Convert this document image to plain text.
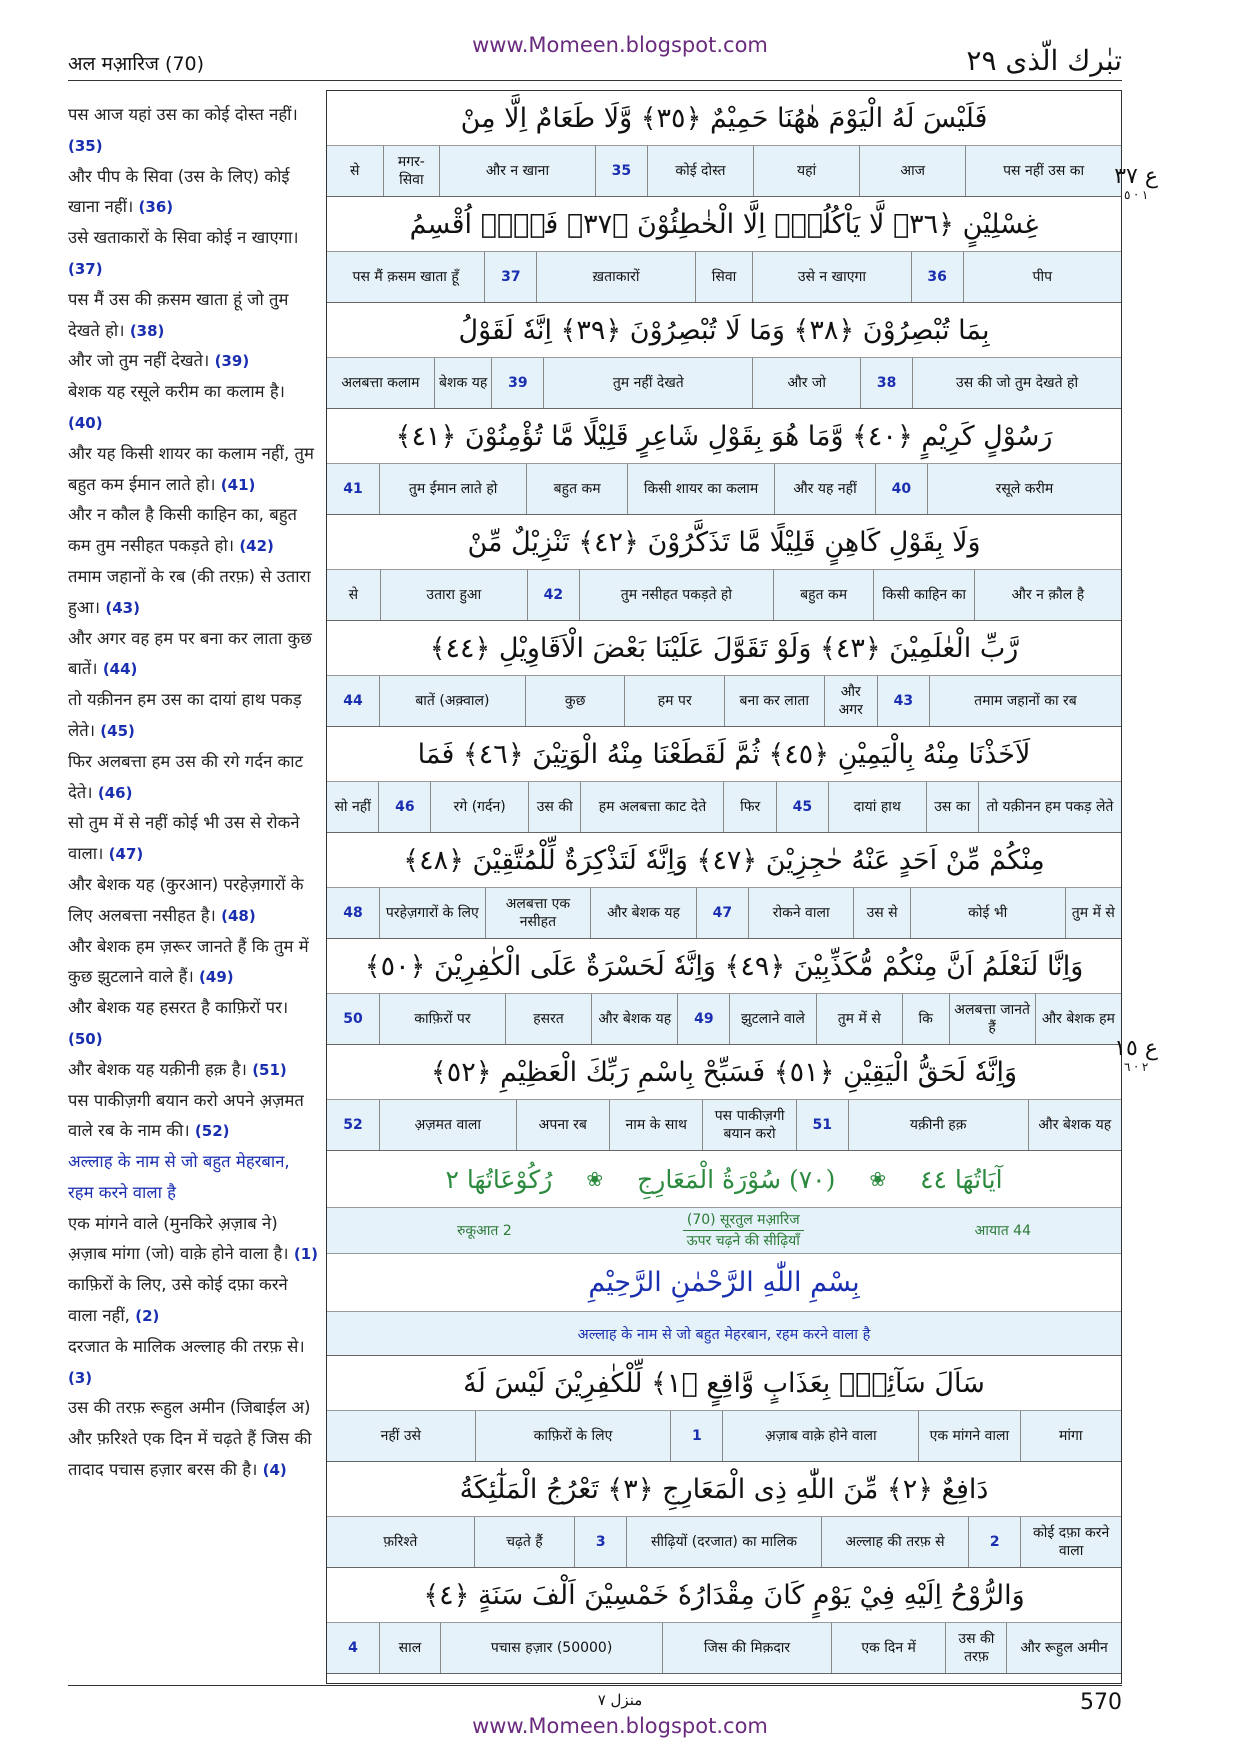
www.Momeen.blogspot.com
अल मआ़रिज (70)	تبٰرك الّذى ٢٩

पस आज यहां उस का कोई दोस्त नहीं। (35)

और पीप के सिवा (उस के लिए) कोई खाना नहीं। (36)

उसे खताकारों के सिवा कोई न खाएगा। (37)

पस मैं उस की क़सम खाता हूं जो तुम देखते हो। (38)

और जो तुम नहीं देखते। (39)

बेशक यह रसूले करीम का कलाम है। (40)

और यह किसी शायर का कलाम नहीं, तुम बहुत कम ईमान लाते हो। (41)

और न कौल है किसी काहिन का, बहुत कम तुम नसीहत पकड़ते हो। (42)

तमाम जहानों के रब (की तरफ़) से उतारा हुआ। (43)

और अगर वह हम पर बना कर लाता कुछ बातें। (44)

तो यक़ीनन हम उस का दायां हाथ पकड़ लेते। (45)

फिर अलबत्ता हम उस की रगे गर्दन काट देते। (46)

सो तुम में से नहीं कोई भी उस से रोकने वाला। (47)

और बेशक यह (कुरआन) परहेज़गारों के लिए अलबत्ता नसीहत है। (48)

और बेशक हम ज़रूर जानते हैं कि तुम में कुछ झुटलाने वाले हैं। (49)

और बेशक यह हसरत है काफ़िरों पर। (50)

और बेशक यह यक़ीनी हक़ है। (51)

पस पाकीज़गी बयान करो अपने अ़ज़मत वाले रब के नाम की। (52)

अल्लाह के नाम से जो बहुत मेहरबान, रहम करने वाला है

एक मांगने वाले (मुनकिरे अ़ज़ाब ने) अ़ज़ाब मांगा (जो) वाक़े होने वाला है। (1)

काफ़िरों के लिए, उसे कोई दफ़ा करने वाला नहीं, (2)

दरजात के मालिक अल्लाह की तरफ़ से। (3)

उस की तरफ़ रूहुल अमीन (जिबाईल अ) और फ़रिश्ते एक दिन में चढ़ते हैं जिस की तादाद पचास हज़ार बरस की है। (4)

فَلَيْسَ لَهُ الْيَوْمَ هٰهُنَا حَمِيْمٌ ﴿٣٥﴾ وَّلَا طَعَامٌ اِلَّا مِنْ
पस नहीं उस का
आज
यहां
कोई दोस्त
35
और न खाना
मगर-सिवा
से
غِسْلِيْنٍ ﴿٣٦﴾ لَّا يَاْكُلُهٗۤ اِلَّا الْخٰطِئُوْنَ ﴿٣٧﴾ فَلَاۤ اُقْسِمُ
पीप
36
उसे न खाएगा
सिवा
ख़ताकारों
37
पस मैं क़सम खाता हूँ
بِمَا تُبْصِرُوْنَ ﴿٣٨﴾ وَمَا لَا تُبْصِرُوْنَ ﴿٣٩﴾ اِنَّهٗ لَقَوْلُ
उस की जो तुम देखते हो
38
और जो
तुम नहीं देखते
39
बेशक यह
अलबत्ता कलाम
رَسُوْلٍ كَرِيْمٍ ﴿٤٠﴾ وَّمَا هُوَ بِقَوْلِ شَاعِرٍ قَلِيْلًا مَّا تُؤْمِنُوْنَ ﴿٤١﴾
रसूले करीम
40
और यह नहीं
किसी शायर का कलाम
बहुत कम
तुम ईमान लाते हो
41
وَلَا بِقَوْلِ كَاهِنٍ قَلِيْلًا مَّا تَذَكَّرُوْنَ ﴿٤٢﴾ تَنْزِيْلٌ مِّنْ
और न क़ौल है
किसी काहिन का
बहुत कम
तुम नसीहत पकड़ते हो
42
उतारा हुआ
से
رَّبِّ الْعٰلَمِيْنَ ﴿٤٣﴾ وَلَوْ تَقَوَّلَ عَلَيْنَا بَعْضَ الْاَقَاوِيْلِ ﴿٤٤﴾
तमाम जहानों का रब
43
और अगर
बना कर लाता
हम पर
कुछ
बातें (अक़्वाल)
44
لَاَخَذْنَا مِنْهُ بِالْيَمِيْنِ ﴿٤٥﴾ ثُمَّ لَقَطَعْنَا مِنْهُ الْوَتِيْنَ ﴿٤٦﴾ فَمَا
तो यक़ीनन हम पकड़ लेते
उस का
दायां हाथ
45
फिर
हम अलबत्ता काट देते
उस की
रगे (गर्दन)
46
सो नहीं
مِنْكُمْ مِّنْ اَحَدٍ عَنْهُ حٰجِزِيْنَ ﴿٤٧﴾ وَاِنَّهٗ لَتَذْكِرَةٌ لِّلْمُتَّقِيْنَ ﴿٤٨﴾
तुम में से
कोई भी
उस से
रोकने वाला
47
और बेशक यह
अलबत्ता एक नसीहत
परहेज़गारों के लिए
48
وَاِنَّا لَنَعْلَمُ اَنَّ مِنْكُمْ مُّكَذِّبِيْنَ ﴿٤٩﴾ وَاِنَّهٗ لَحَسْرَةٌ عَلَى الْكٰفِرِيْنَ ﴿٥٠﴾
और बेशक हम
अलबत्ता जानते हैं
कि
तुम में से
झुटलाने वाले
49
और बेशक यह
हसरत
काफ़िरों पर
50
وَاِنَّهٗ لَحَقُّ الْيَقِيْنِ ﴿٥١﴾ فَسَبِّحْ بِاسْمِ رَبِّكَ الْعَظِيْمِ ﴿٥٢﴾
और बेशक यह
यक़ीनी हक़
51
पस पाकीज़गी बयान करो
नाम के साथ
अपना रब
अ़ज़मत वाला
52
آيَاتُهَا ٤٤
❀
(٧٠) سُوْرَةُ الْمَعَارِجِ
❀
رُكُوْعَاتُهَا ٢
रुकूआत 2
(70) सूरतुल मआ़रिज
ऊपर चढ़ने की सीढ़ियाँ
आयात 44
بِسْمِ اللّٰهِ الرَّحْمٰنِ الرَّحِيْمِ
अल्लाह के नाम से जो बहुत मेहरबान, रहम करने वाला है
سَاَلَ سَآئِلٌۢ بِعَذَابٍ وَّاقِعٍ ﴿١﴾ لِّلْكٰفِرِيْنَ لَيْسَ لَهٗ
मांगा
एक मांगने वाला
अ़ज़ाब वाक़े होने वाला
1
काफ़िरों के लिए
नहीं उसे
دَافِعٌ ﴿٢﴾ مِّنَ اللّٰهِ ذِى الْمَعَارِجِ ﴿٣﴾ تَعْرُجُ الْمَلٰٓئِكَةُ
कोई दफ़ा करने वाला
2
अल्लाह की तरफ़ से
सीढ़ियों (दरजात) का मालिक
3
चढ़ते हैं
फ़रिश्ते
وَالرُّوْحُ اِلَيْهِ فِيْ يَوْمٍ كَانَ مِقْدَارُهٗ خَمْسِيْنَ اَلْفَ سَنَةٍ ﴿٤﴾
और रूहुल अमीन
उस की तरफ़
एक दिन में
जिस की मिक़दार
पचास हज़ार (50000)
साल
4
ع ٣٧
١ · ٥
ع ١٥
٢ · ٦
منزل ٧	570
www.Momeen.blogspot.com
